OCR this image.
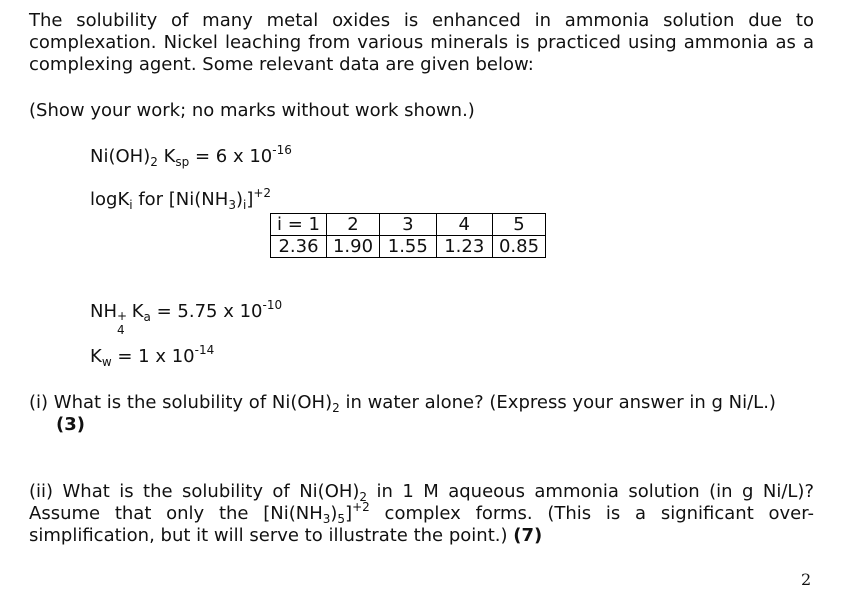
The solubility of many metal oxides is enhanced in ammonia solution due to complexation. Nickel leaching from various minerals is practiced using ammonia as a complexing agent. Some relevant data are given below:
(Show your work; no marks without work shown.)
$Ni(OH)_2$ $K_{sp} = 6$ x $10^{-16}$
logK$_i$ for $[Ni(NH_3)_i]^{+2}$
i = 1	2	3	4	5
2.36	1.90	1.55	1.23	0.85
NH +
4
$K_a = 5.75$ x $10^{-10}$
$K_w = 1$ x $10^{-14}$
(i) What is the solubility of $Ni(OH)_2$ in water alone? (Express your answer in g Ni/L.)
(3)
(ii) What is the solubility of $Ni(OH)_2$ in 1 M aqueous ammonia solution (in g Ni/L)? Assume that only the $[Ni(NH_3)_5]^{+2}$ complex forms. (This is a significant over-simplification, but it will serve to illustrate the point.) (7)
2
